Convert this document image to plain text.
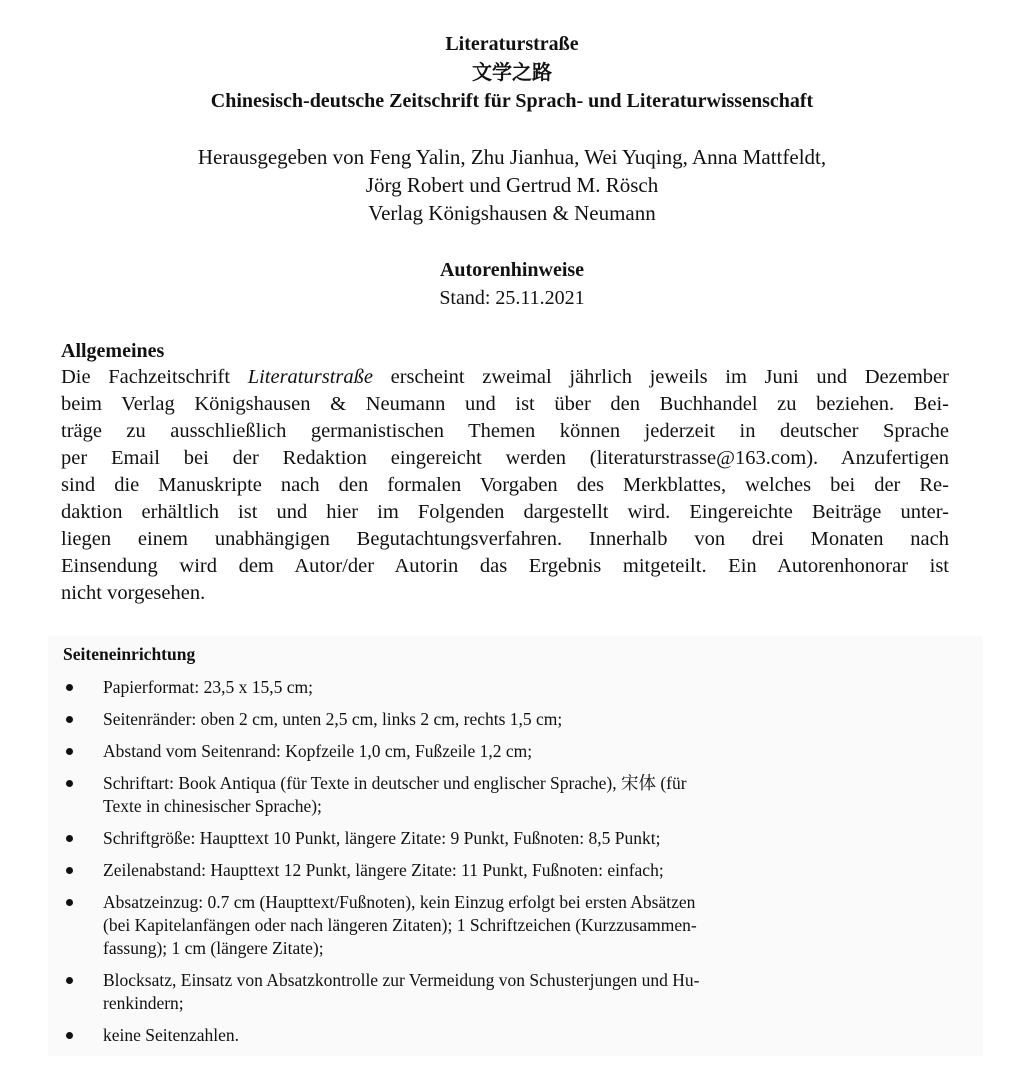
Literaturstraße
文学之路
Chinesisch-deutsche Zeitschrift für Sprach- und Literaturwissenschaft
Herausgegeben von Feng Yalin, Zhu Jianhua, Wei Yuqing, Anna Mattfeldt,
Jörg Robert und Gertrud M. Rösch
Verlag Königshausen & Neumann
Autorenhinweise
Stand: 25.11.2021
Allgemeines

Die Fachzeitschrift Literaturstraße erscheint zweimal jährlich jeweils im Juni und Dezember
beim Verlag Königshausen & Neumann und ist über den Buchhandel zu beziehen. Bei-
träge zu ausschließlich germanistischen Themen können jederzeit in deutscher Sprache
per Email bei der Redaktion eingereicht werden (literaturstrasse@163.com). Anzufertigen
sind die Manuskripte nach den formalen Vorgaben des Merkblattes, welches bei der Re-
daktion erhältlich ist und hier im Folgenden dargestellt wird. Eingereichte Beiträge unter-
liegen einem unabhängigen Begutachtungsverfahren. Innerhalb von drei Monaten nach
Einsendung wird dem Autor/der Autorin das Ergebnis mitgeteilt. Ein Autorenhonorar ist
nicht vorgesehen.

Seiteneinrichtung
Papierformat: 23,5 x 15,5 cm;
Seitenränder: oben 2 cm, unten 2,5 cm, links 2 cm, rechts 1,5 cm;
Abstand vom Seitenrand: Kopfzeile 1,0 cm, Fußzeile 1,2 cm;
Schriftart: Book Antiqua (für Texte in deutscher und englischer Sprache), 宋体 (für
Texte in chinesischer Sprache);
Schriftgröße: Haupttext 10 Punkt, längere Zitate: 9 Punkt, Fußnoten: 8,5 Punkt;
Zeilenabstand: Haupttext 12 Punkt, längere Zitate: 11 Punkt, Fußnoten: einfach;
Absatzeinzug: 0.7 cm (Haupttext/Fußnoten), kein Einzug erfolgt bei ersten Absätzen
(bei Kapitelanfängen oder nach längeren Zitaten); 1 Schriftzeichen (Kurzzusammen-
fassung); 1 cm (längere Zitate);
Blocksatz, Einsatz von Absatzkontrolle zur Vermeidung von Schusterjungen und Hu-
renkindern;
keine Seitenzahlen.
